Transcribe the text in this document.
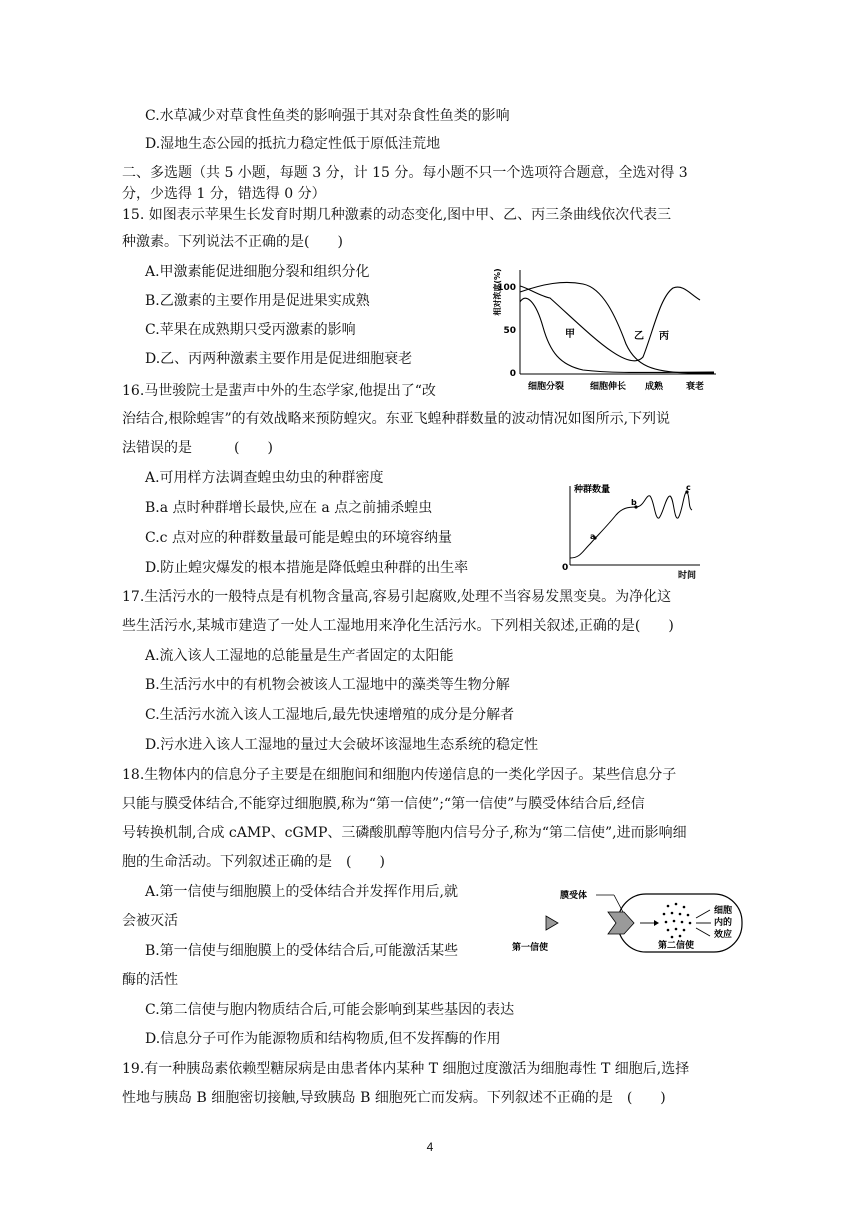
C.水草减少对草食性鱼类的影响强于其对杂食性鱼类的影响
D.湿地生态公园的抵抗力稳定性低于原低洼荒地
二、多选题（共 5 小题，每题 3 分，计 15 分。每小题不只一个选项符合题意，全选对得 3
分，少选得 1 分，错选得 0 分）
15. 如图表示苹果生长发育时期几种激素的动态变化,图中甲、乙、丙三条曲线依次代表三
种激素。下列说法不正确的是(　　)
A.甲激素能促进细胞分裂和组织分化
B.乙激素的主要作用是促进果实成熟
C.苹果在成熟期只受丙激素的影响
D.乙、丙两种激素主要作用是促进细胞衰老
相对浓度(%)
100
50
0
甲	乙 丙
细胞分裂	细胞伸长 成熟	衰老
16.马世骏院士是蜚声中外的生态学家,他提出了“改
治结合,根除蝗害”的有效战略来预防蝗灾。东亚飞蝗种群数量的波动情况如图所示,下列说
法错误的是　　　(　　)
A.可用样方法调查蝗虫幼虫的种群密度
B.a 点时种群增长最快,应在 a 点之前捕杀蝗虫
C.c 点对应的种群数量最可能是蝗虫的环境容纳量
D.防止蝗灾爆发的根本措施是降低蝗虫种群的出生率
种群数量
0
时间
a
b
c
17.生活污水的一般特点是有机物含量高,容易引起腐败,处理不当容易发黑变臭。为净化这
些生活污水,某城市建造了一处人工湿地用来净化生活污水。下列相关叙述,正确的是(　　)
A.流入该人工湿地的总能量是生产者固定的太阳能
B.生活污水中的有机物会被该人工湿地中的藻类等生物分解
C.生活污水流入该人工湿地后,最先快速增殖的成分是分解者
D.污水进入该人工湿地的量过大会破坏该湿地生态系统的稳定性
18.生物体内的信息分子主要是在细胞间和细胞内传递信息的一类化学因子。某些信息分子
只能与膜受体结合,不能穿过细胞膜,称为“第一信使”;“第一信使”与膜受体结合后,经信
号转换机制,合成 cAMP、cGMP、三磷酸肌醇等胞内信号分子,称为“第二信使”,进而影响细
胞的生命活动。下列叙述正确的是　(　　)
A.第一信使与细胞膜上的受体结合并发挥作用后,就
会被灭活
B.第一信使与细胞膜上的受体结合后,可能激活某些
酶的活性
C.第二信使与胞内物质结合后,可能会影响到某些基因的表达
D.信息分子可作为能源物质和结构物质,但不发挥酶的作用
膜受体
第一信使	第二信使
细胞
内的
效应
19.有一种胰岛素依赖型糖尿病是由患者体内某种 T 细胞过度激活为细胞毒性 T 细胞后,选择
性地与胰岛 B 细胞密切接触,导致胰岛 B 细胞死亡而发病。下列叙述不正确的是　(　　)
4
